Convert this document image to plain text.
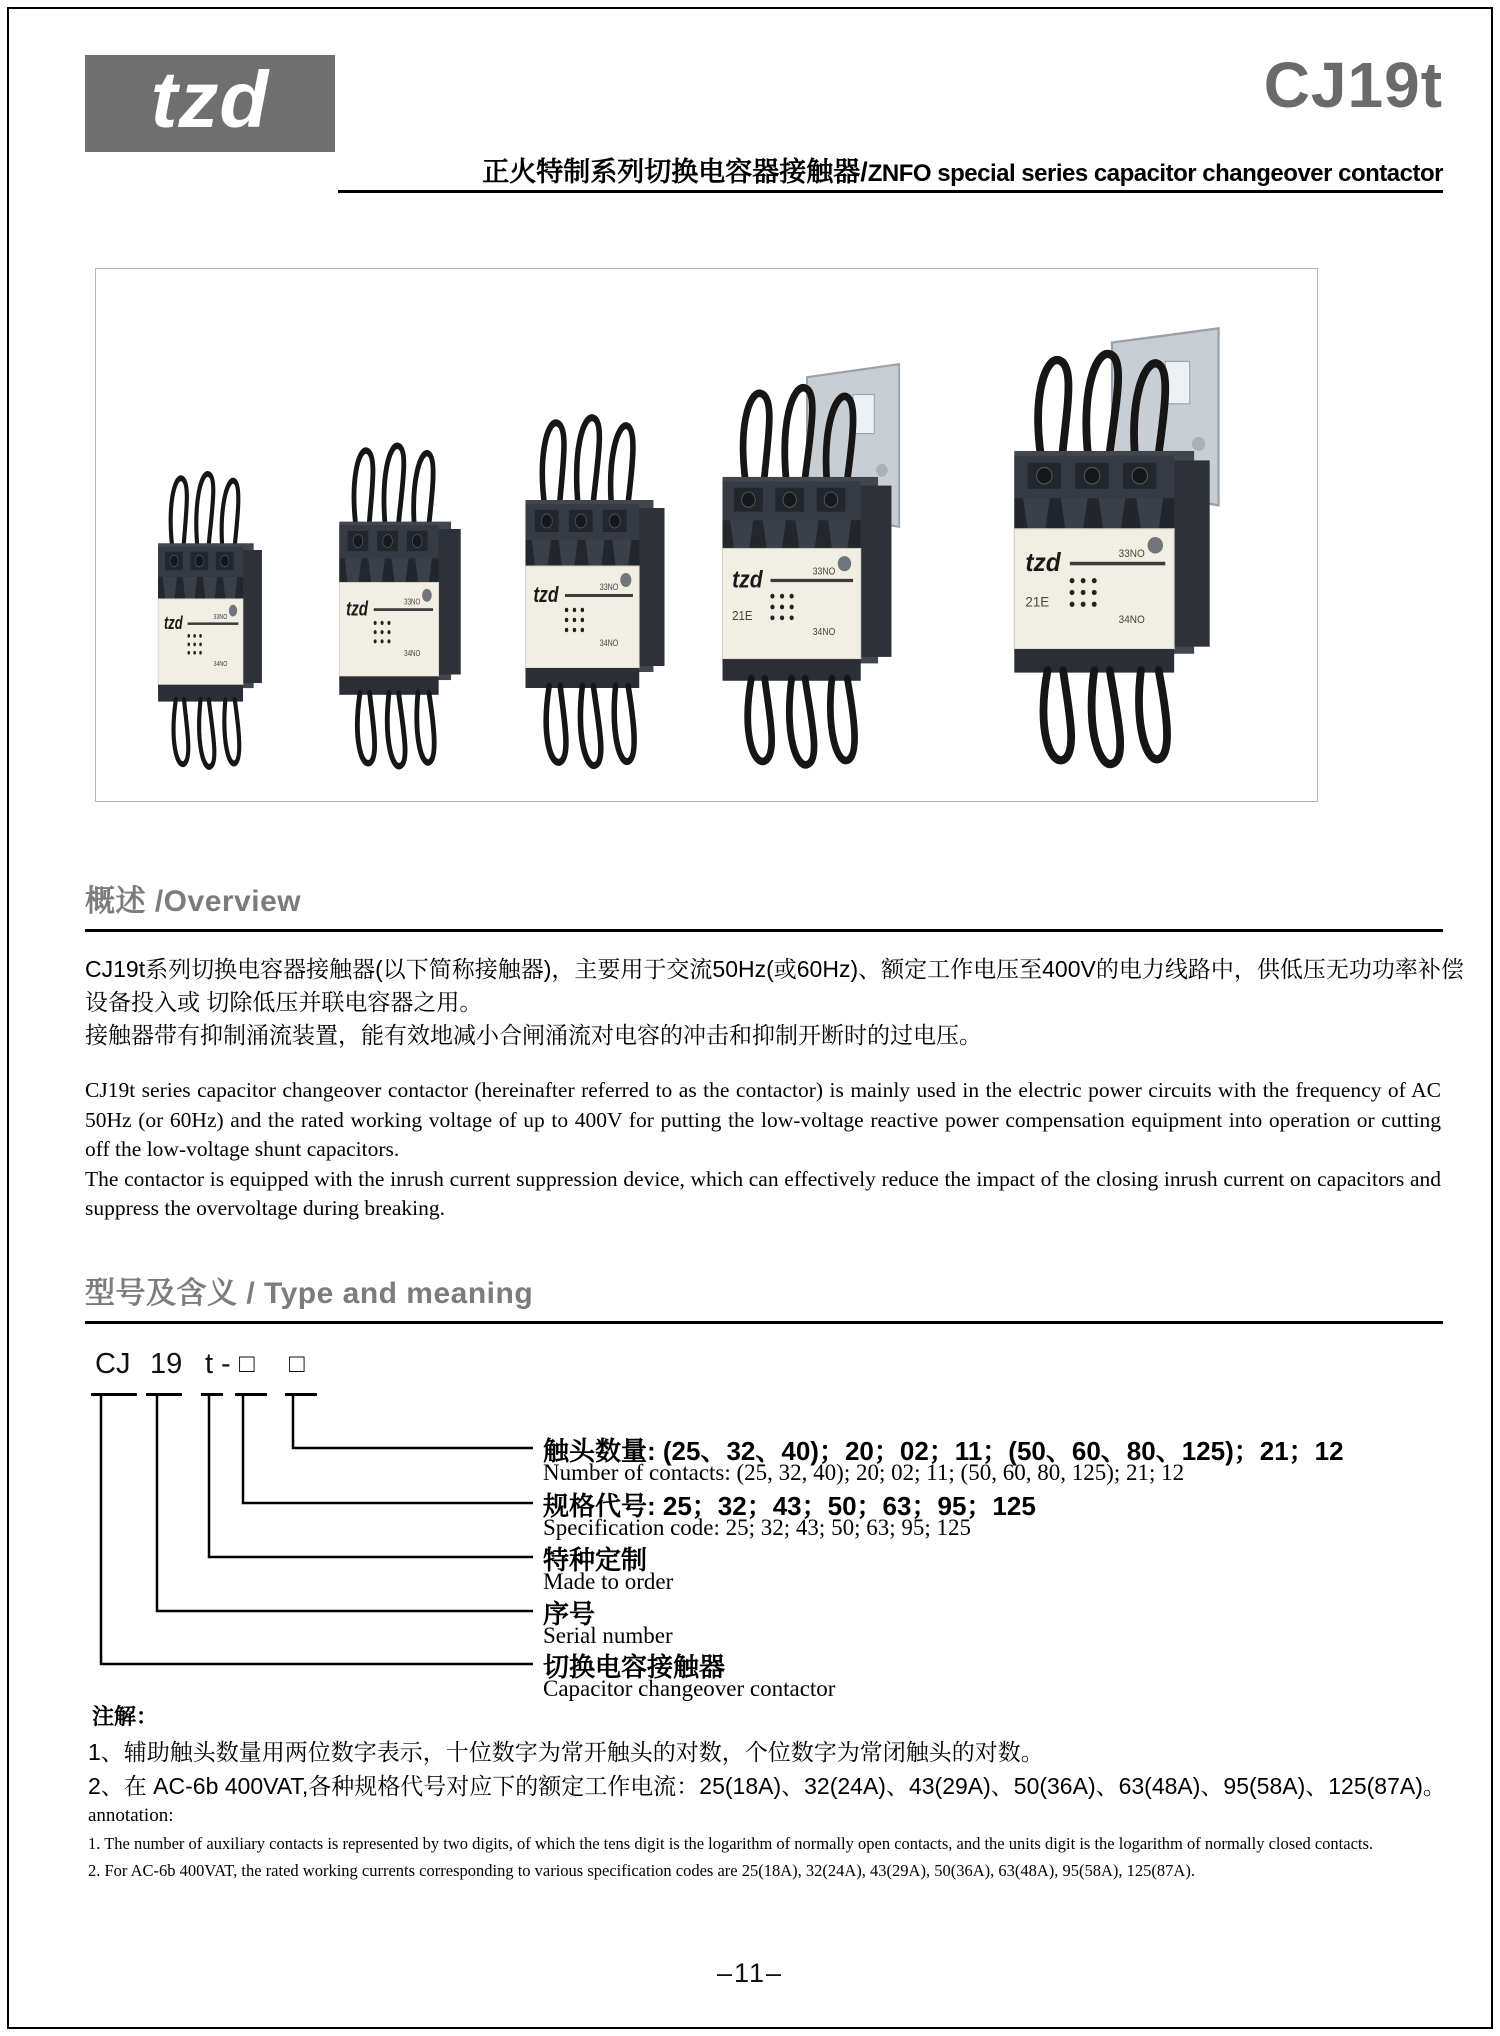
tzd	CJ19t
正火特制系列切换电容器接触器/ ZNFO special series capacitor changeover contactor
tzd	33NO
34NO
tzd	33NO
34NO
tzd	33NO
34NO
tzd	33NO
21E
34NO
tzd	33NO
21E
34NO
概述 /Overview
CJ19t系列切换电容器接触器(以下简称接触器)，主要用于交流50Hz(或60Hz)、额定工作电压至400V的电力线路中，供低压无功功率补偿
设备投入或 切除低压并联电容器之用。
接触器带有抑制涌流装置，能有效地减小合闸涌流对电容的冲击和抑制开断时的过电压。

CJ19t series capacitor changeover contactor (hereinafter referred to as the contactor) is mainly used in the electric power circuits with the frequency of AC 50Hz (or 60Hz) and the rated working voltage of up to 400V for putting the low-voltage reactive power compensation equipment into operation or cutting off the low-voltage shunt capacitors.

The contactor is equipped with the inrush current suppression device, which can effectively reduce the impact of the closing inrush current on capacitors and suppress the overvoltage during breaking.

型号及含义 / Type and meaning
CJ 19 t - □ □
触头数量: (25、32、40)；20；02；11；(50、60、80、125)；21；12
Number of contacts: (25, 32, 40); 20; 02; 11; (50, 60, 80, 125); 21; 12
规格代号: 25；32；43；50；63；95；125
Specification code: 25; 32; 43; 50; 63; 95; 125
特种定制
Made to order
序号
Serial number
切换电容接触器
Capacitor changeover contactor
注解：
1、辅助触头数量用两位数字表示，十位数字为常开触头的对数，个位数字为常闭触头的对数。
2、在 AC-6b 400VAT,各种规格代号对应下的额定工作电流：25(18A)、32(24A)、43(29A)、50(36A)、63(48A)、95(58A)、125(87A)。
annotation:
1. The number of auxiliary contacts is represented by two digits, of which the tens digit is the logarithm of normally open contacts, and the units digit is the logarithm of normally closed contacts.
2. For AC-6b 400VAT, the rated working currents corresponding to various specification codes are 25(18A), 32(24A), 43(29A), 50(36A), 63(48A), 95(58A), 125(87A).
–11–
